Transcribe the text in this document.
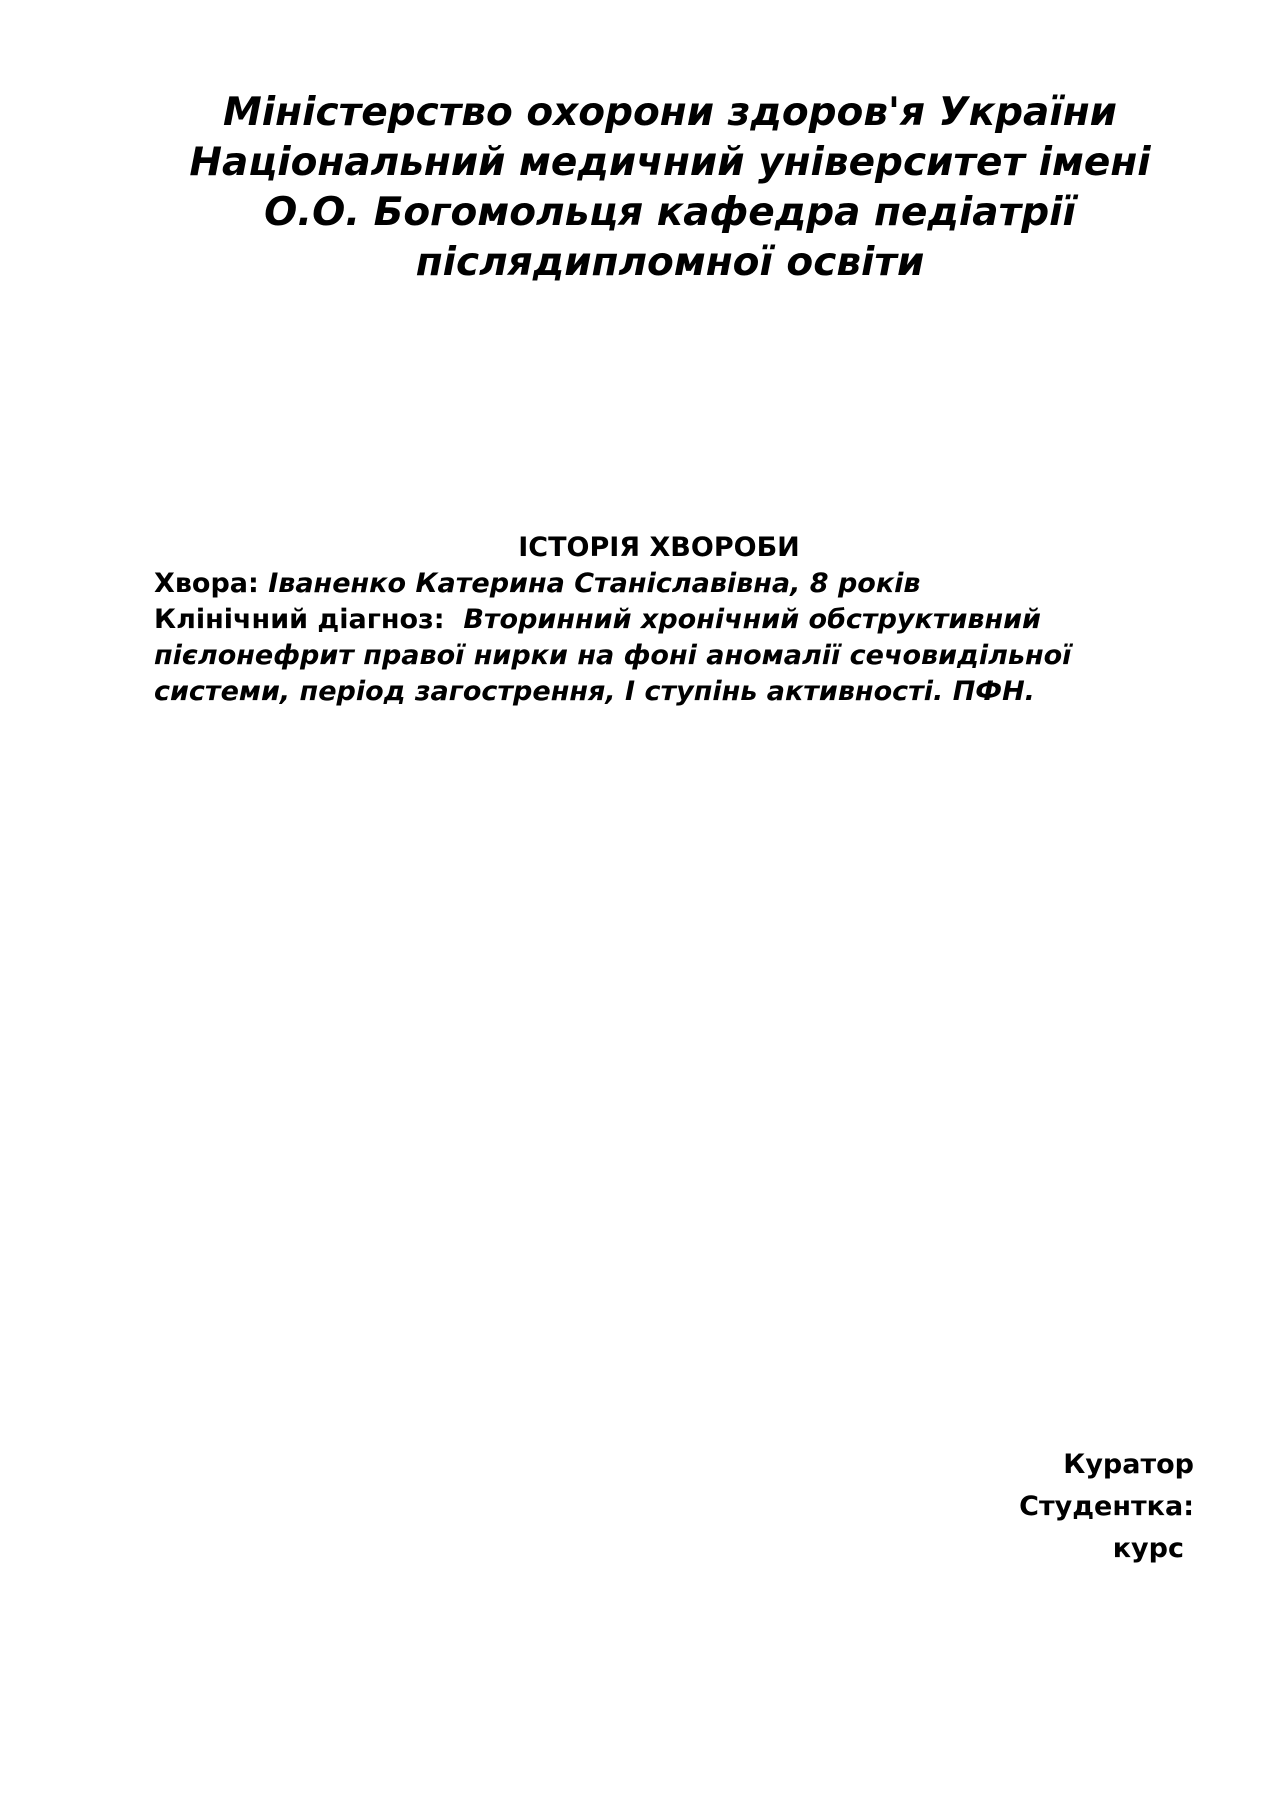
Міністерство охорони здоров'я України
Національний медичний університет імені
О.О. Богомольця кафедра педіатрії
післядипломної освіти
ІСТОРІЯ ХВОРОБИ
Хвора: Іваненко Катерина Станіславівна, 8 років
Клінічний діагноз: Вторинний хронічний обструктивний
пієлонефрит правої нирки на фоні аномалії сечовидільної
системи, період загострення, І ступінь активності. ПФН.
Куратор
Студентка:
курс
